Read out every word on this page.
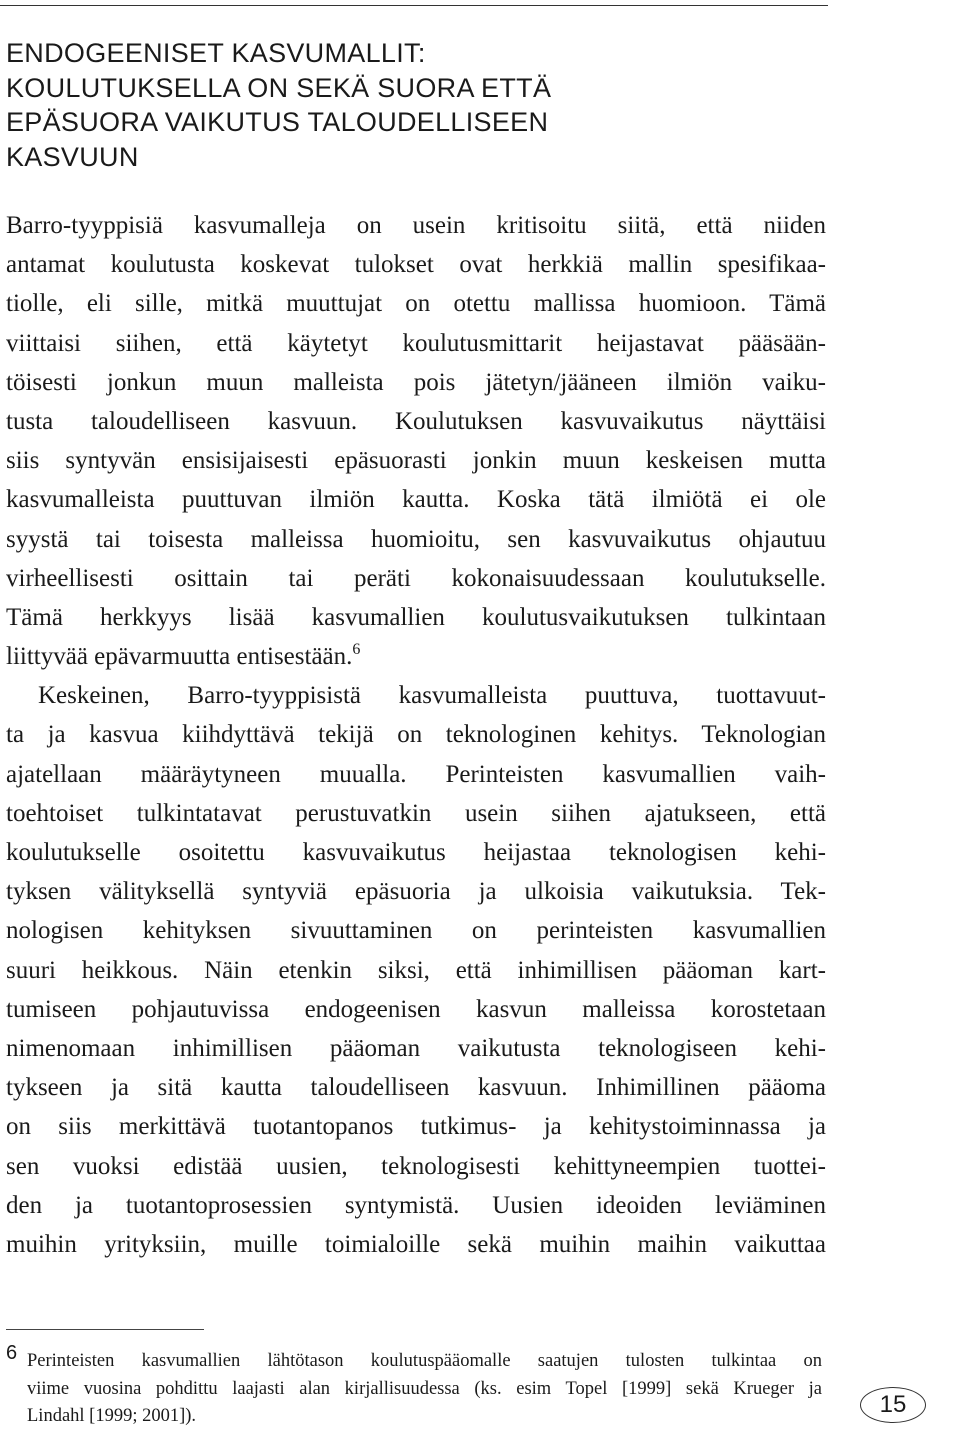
ENDOGEENISET KASVUMALLIT:
KOULUTUKSELLA ON SEKÄ SUORA ETTÄ
EPÄSUORA VAIKUTUS TALOUDELLISEEN
KASVUUN
Barro-tyyppisiä kasvumalleja on usein kritisoitu siitä, että niiden
antamat koulutusta koskevat tulokset ovat herkkiä mallin spesifikaa-
tiolle, eli sille, mitkä muuttujat on otettu mallissa huomioon. Tämä
viittaisi siihen, että käytetyt koulutusmittarit heijastavat pääsään-
töisesti jonkun muun malleista pois jätetyn/jääneen ilmiön vaiku-
tusta taloudelliseen kasvuun. Koulutuksen kasvuvaikutus näyttäisi
siis syntyvän ensisijaisesti epäsuorasti jonkin muun keskeisen mutta
kasvumalleista puuttuvan ilmiön kautta. Koska tätä ilmiötä ei ole
syystä tai toisesta malleissa huomioitu, sen kasvuvaikutus ohjautuu
virheellisesti osittain tai peräti kokonaisuudessaan koulutukselle.
Tämä herkkyys lisää kasvumallien koulutusvaikutuksen tulkintaan
liittyvää epävarmuutta entisestään.$^6$
Keskeinen, Barro-tyyppisistä kasvumalleista puuttuva, tuottavuut-
ta ja kasvua kiihdyttävä tekijä on teknologinen kehitys. Teknologian
ajatellaan määräytyneen muualla. Perinteisten kasvumallien vaih-
toehtoiset tulkintatavat perustuvatkin usein siihen ajatukseen, että
koulutukselle osoitettu kasvuvaikutus heijastaa teknologisen kehi-
tyksen välityksellä syntyviä epäsuoria ja ulkoisia vaikutuksia. Tek-
nologisen kehityksen sivuuttaminen on perinteisten kasvumallien
suuri heikkous. Näin etenkin siksi, että inhimillisen pääoman kart-
tumiseen pohjautuvissa endogeenisen kasvun malleissa korostetaan
nimenomaan inhimillisen pääoman vaikutusta teknologiseen kehi-
tykseen ja sitä kautta taloudelliseen kasvuun. Inhimillinen pääoma
on siis merkittävä tuotantopanos tutkimus- ja kehitystoiminnassa ja
sen vuoksi edistää uusien, teknologisesti kehittyneempien tuottei-
den ja tuotantoprosessien syntymistä. Uusien ideoiden leviäminen
muihin yrityksiin, muille toimialoille sekä muihin maihin vaikuttaa
6 Perinteisten kasvumallien lähtötason koulutuspääomalle saatujen tulosten tulkintaa on
viime vuosina pohdittu laajasti alan kirjallisuudessa (ks. esim Topel [1999] sekä Krueger ja
Lindahl [1999; 2001]).	15
